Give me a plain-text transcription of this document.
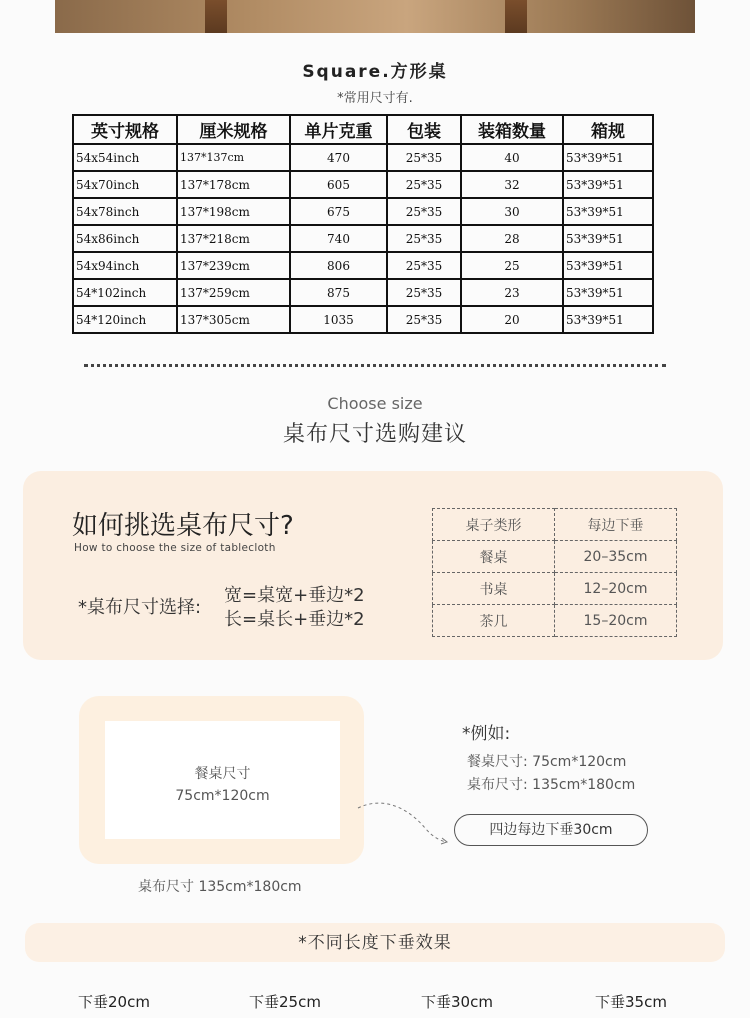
Square.方形桌
*常用尺寸有.
英寸规格	厘米规格	单片克重	包装	装箱数量	箱规
54x54inch	137*137cm	470	25*35	40	53*39*51
54x70inch	137*178cm	605	25*35	32	53*39*51
54x78inch	137*198cm	675	25*35	30	53*39*51
54x86inch	137*218cm	740	25*35	28	53*39*51
54x94inch	137*239cm	806	25*35	25	53*39*51
54*102inch	137*259cm	875	25*35	23	53*39*51
54*120inch	137*305cm	1035	25*35	20	53*39*51
Choose size
桌布尺寸选购建议
如何挑选桌布尺寸?
How to choose the size of tablecloth
*桌布尺寸选择:
宽=桌宽+垂边*2
长=桌长+垂边*2
桌子类形	每边下垂
餐桌	20–35cm
书桌	12–20cm
茶几	15–20cm
餐桌尺寸
75cm*120cm
桌布尺寸 135cm*180cm
*例如:
餐桌尺寸: 75cm*120cm
桌布尺寸: 135cm*180cm
四边每边下垂30cm
*不同长度下垂效果
下垂20cm	下垂25cm	下垂30cm	下垂35cm
